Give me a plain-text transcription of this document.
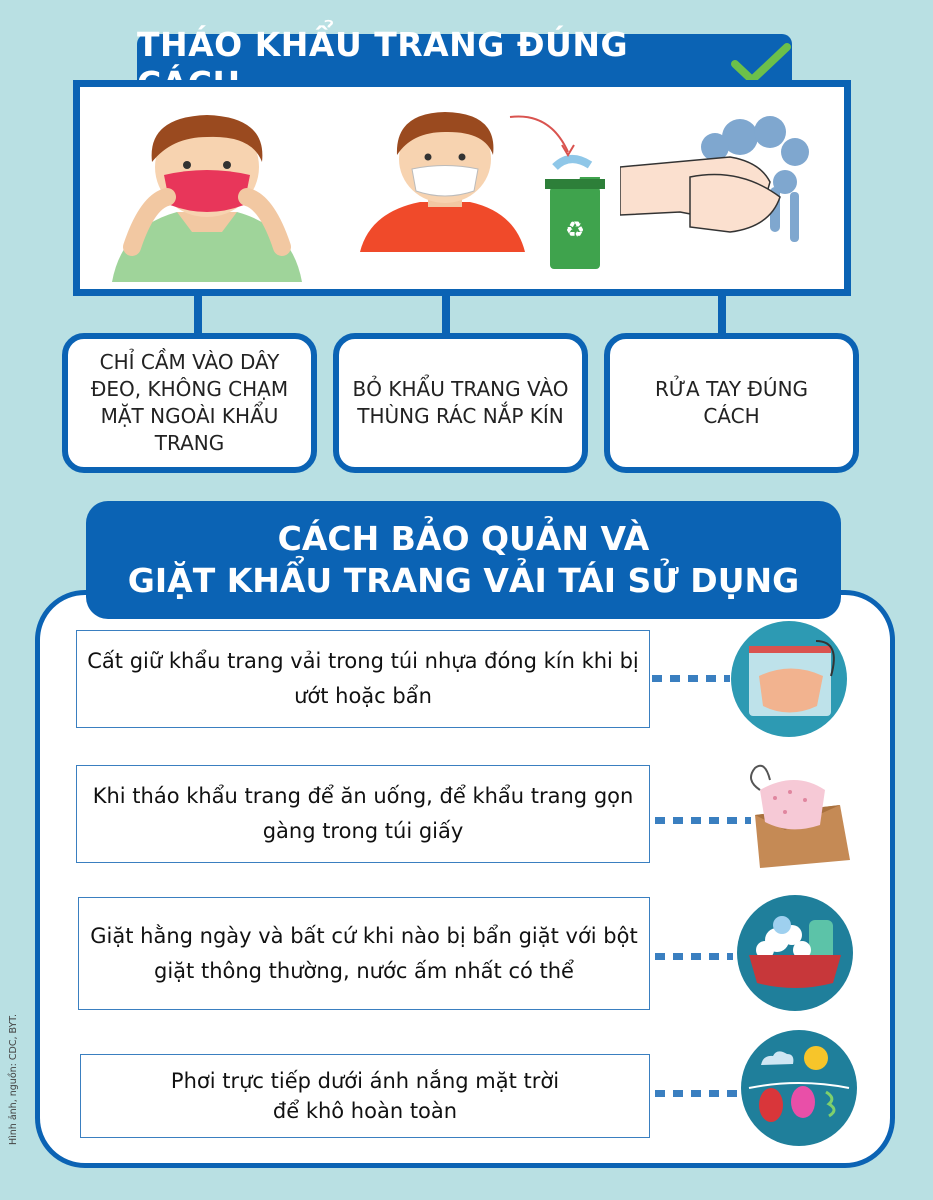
THÁO KHẨU TRANG ĐÚNG
♻
CHỈ CẦM VÀO DÂY ĐEO, KHÔNG CHẠM MẶT NGOÀI KHẨU TRANG
BỎ KHẨU TRANG VÀO THÙNG RÁC NẮP KÍN
RỬA TAY ĐÚNG CÁCH
CÁCH BẢO QUẢN VÀ
GIẶT KHẨU TRANG VẢI TÁI SỬ DỤNG
Cất giữ khẩu trang vải trong túi nhựa đóng kín khi bị ướt hoặc bẩn
Khi tháo khẩu trang để ăn uống, để khẩu trang gọn gàng trong túi giấy
Giặt hằng ngày và bất cứ khi nào bị bẩn giặt với bột giặt thông thường, nước ấm nhất có thể
Phơi trực tiếp dưới ánh nắng mặt trời để khô hoàn toàn
Hình ảnh, nguồn: CDC, BYT.
